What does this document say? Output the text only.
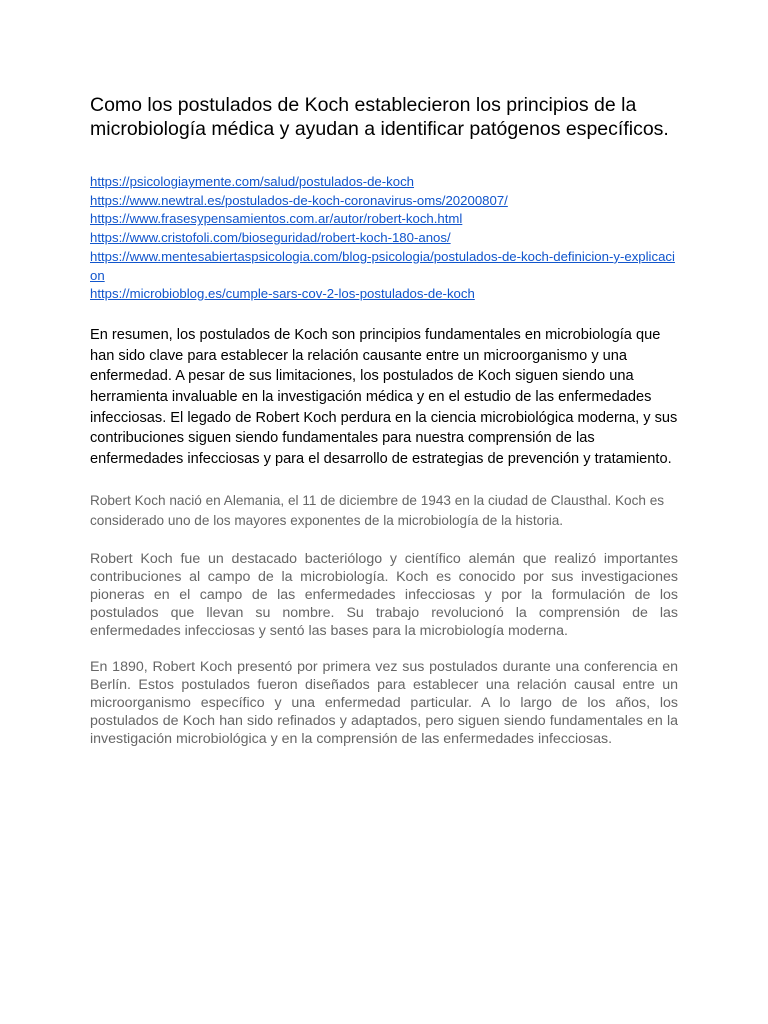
Como los postulados de Koch establecieron los principios de la microbiología médica y ayudan a identificar patógenos específicos.
https://psicologiaymente.com/salud/postulados-de-koch
https://www.newtral.es/postulados-de-koch-coronavirus-oms/20200807/
https://www.frasesypensamientos.com.ar/autor/robert-koch.html
https://www.cristofoli.com/bioseguridad/robert-koch-180-anos/
https://www.mentesabiertaspsicologia.com/blog-psicologia/postulados-de-koch-definicion-y-explicacion
https://microbioblog.es/cumple-sars-cov-2-los-postulados-de-koch

En resumen, los postulados de Koch son principios fundamentales en microbiología que han sido clave para establecer la relación causante entre un microorganismo y una enfermedad. A pesar de sus limitaciones, los postulados de Koch siguen siendo una herramienta invaluable en la investigación médica y en el estudio de las enfermedades infecciosas. El legado de Robert Koch perdura en la ciencia microbiológica moderna, y sus contribuciones siguen siendo fundamentales para nuestra comprensión de las enfermedades infecciosas y para el desarrollo de estrategias de prevención y tratamiento.

Robert Koch nació en Alemania, el 11 de diciembre de 1943 en la ciudad de Clausthal. Koch es considerado uno de los mayores exponentes de la microbiología de la historia.

Robert Koch fue un destacado bacteriólogo y científico alemán que realizó importantes contribuciones al campo de la microbiología. Koch es conocido por sus investigaciones pioneras en el campo de las enfermedades infecciosas y por la formulación de los postulados que llevan su nombre. Su trabajo revolucionó la comprensión de las enfermedades infecciosas y sentó las bases para la microbiología moderna.

En 1890, Robert Koch presentó por primera vez sus postulados durante una conferencia en Berlín. Estos postulados fueron diseñados para establecer una relación causal entre un microorganismo específico y una enfermedad particular. A lo largo de los años, los postulados de Koch han sido refinados y adaptados, pero siguen siendo fundamentales en la investigación microbiológica y en la comprensión de las enfermedades infecciosas.
